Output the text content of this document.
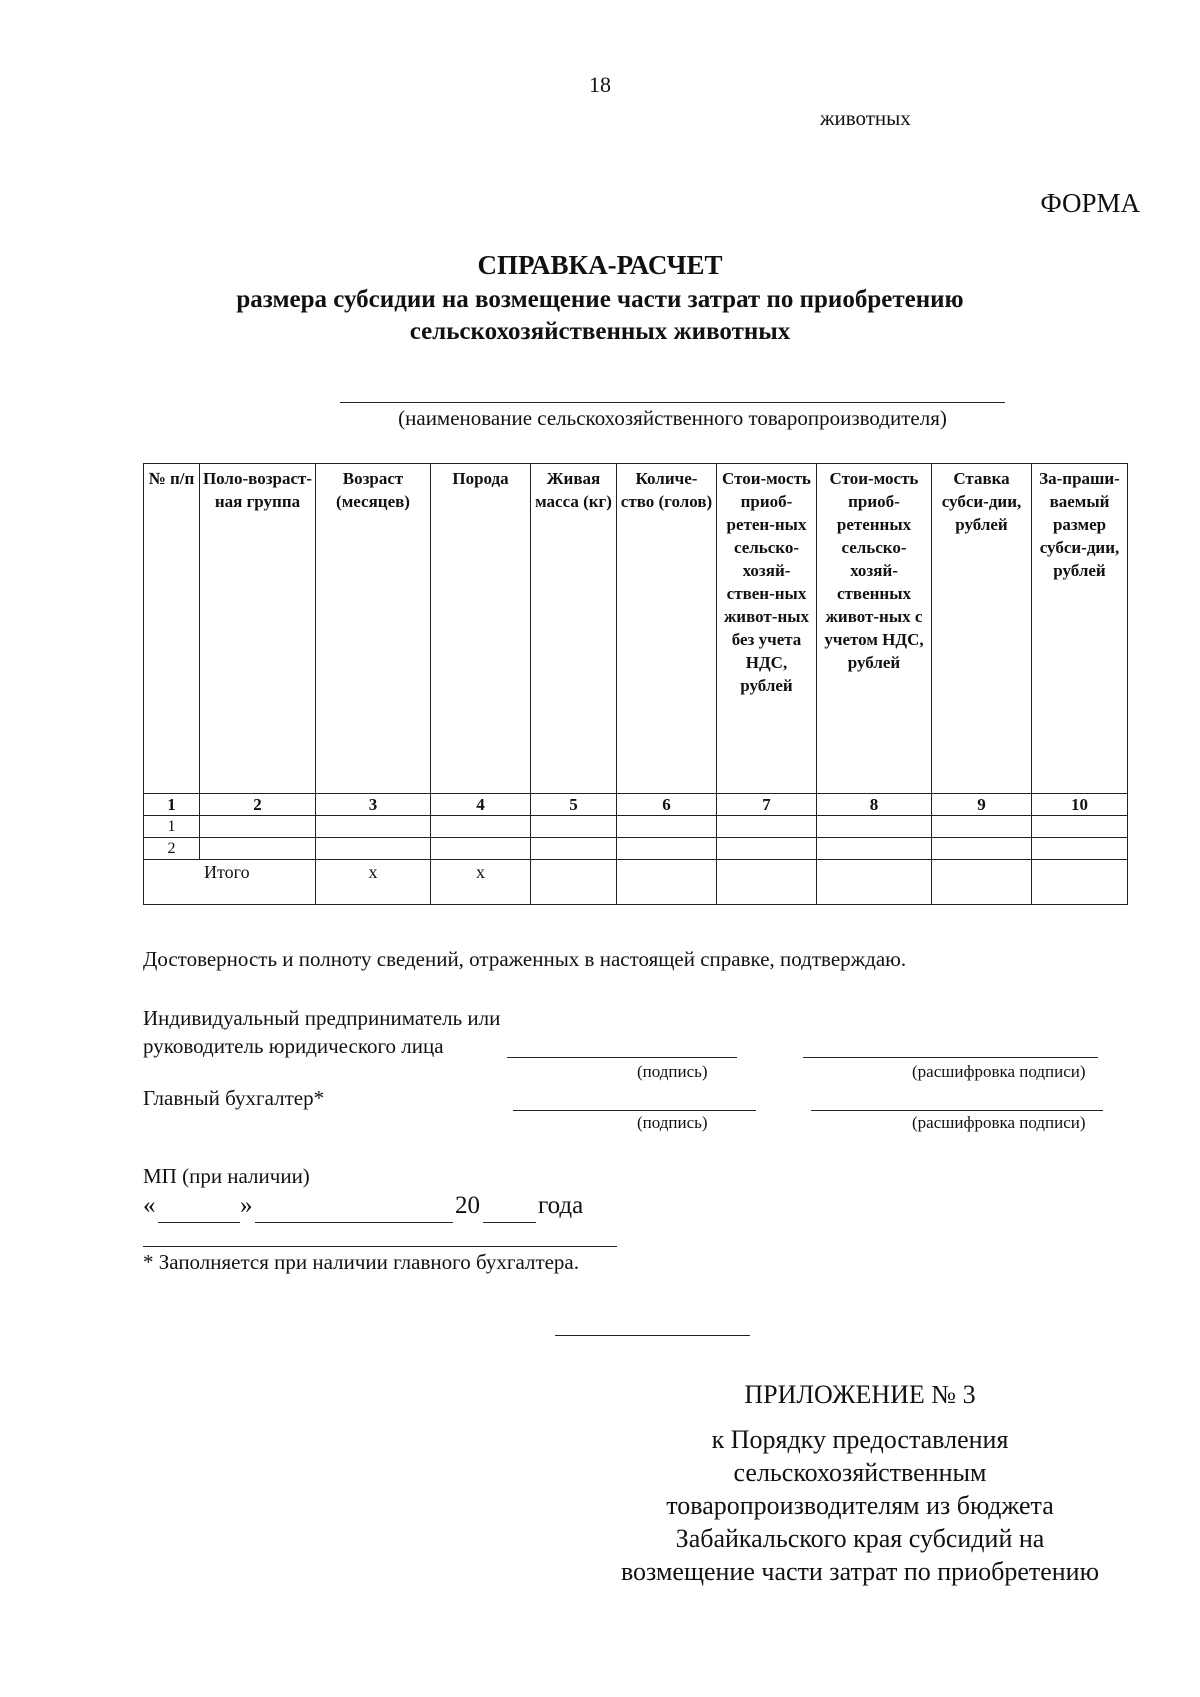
18
животных
ФОРМА
СПРАВКА-РАСЧЕТ
размера субсидии на возмещение части затрат по приобретению
сельскохозяйственных животных
(наименование сельскохозяйственного товаропроизводителя)
№ п/п	Поло-возраст-ная группа	Возраст (месяцев)	Порода	Живая масса (кг)	Количе-ство (голов)	Стои-мость приоб-ретен-ных сельско-хозяй-ствен-ных живот-ных без учета НДС, рублей	Стои-мость приоб-ретенных сельско-хозяй-ственных живот-ных с учетом НДС, рублей	Ставка субси-дии, рублей	За-праши-ваемый размер субси-дии, рублей
1	2	3	4	5	6	7	8	9	10
1									
2									
Итого		х	х						
Достоверность и полноту сведений, отраженных в настоящей справке, подтверждаю.
Индивидуальный предприниматель или
руководитель юридического лица
(подпись)	(расшифровка подписи)
Главный бухгалтер*
(подпись)	(расшифровка подписи)
МП (при наличии)
«	»	20 года
* Заполняется при наличии главного бухгалтера.
ПРИЛОЖЕНИЕ № 3
к Порядку предоставления
сельскохозяйственным
товаропроизводителям из бюджета
Забайкальского края субсидий на
возмещение части затрат по приобретению
